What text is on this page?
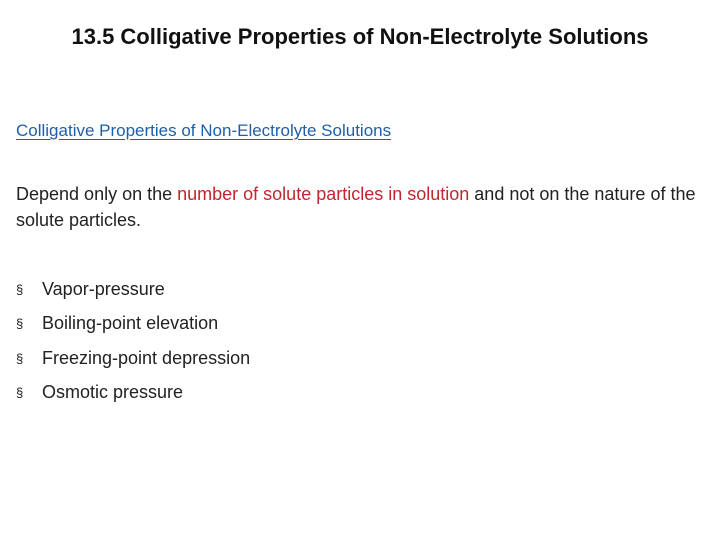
13.5 Colligative Properties of Non-Electrolyte Solutions
Colligative Properties of Non-Electrolyte Solutions
Depend only on the number of solute particles in solution and not on the nature of the solute particles.
§	Vapor-pressure
§	Boiling-point elevation
§	Freezing-point depression
§	Osmotic pressure
